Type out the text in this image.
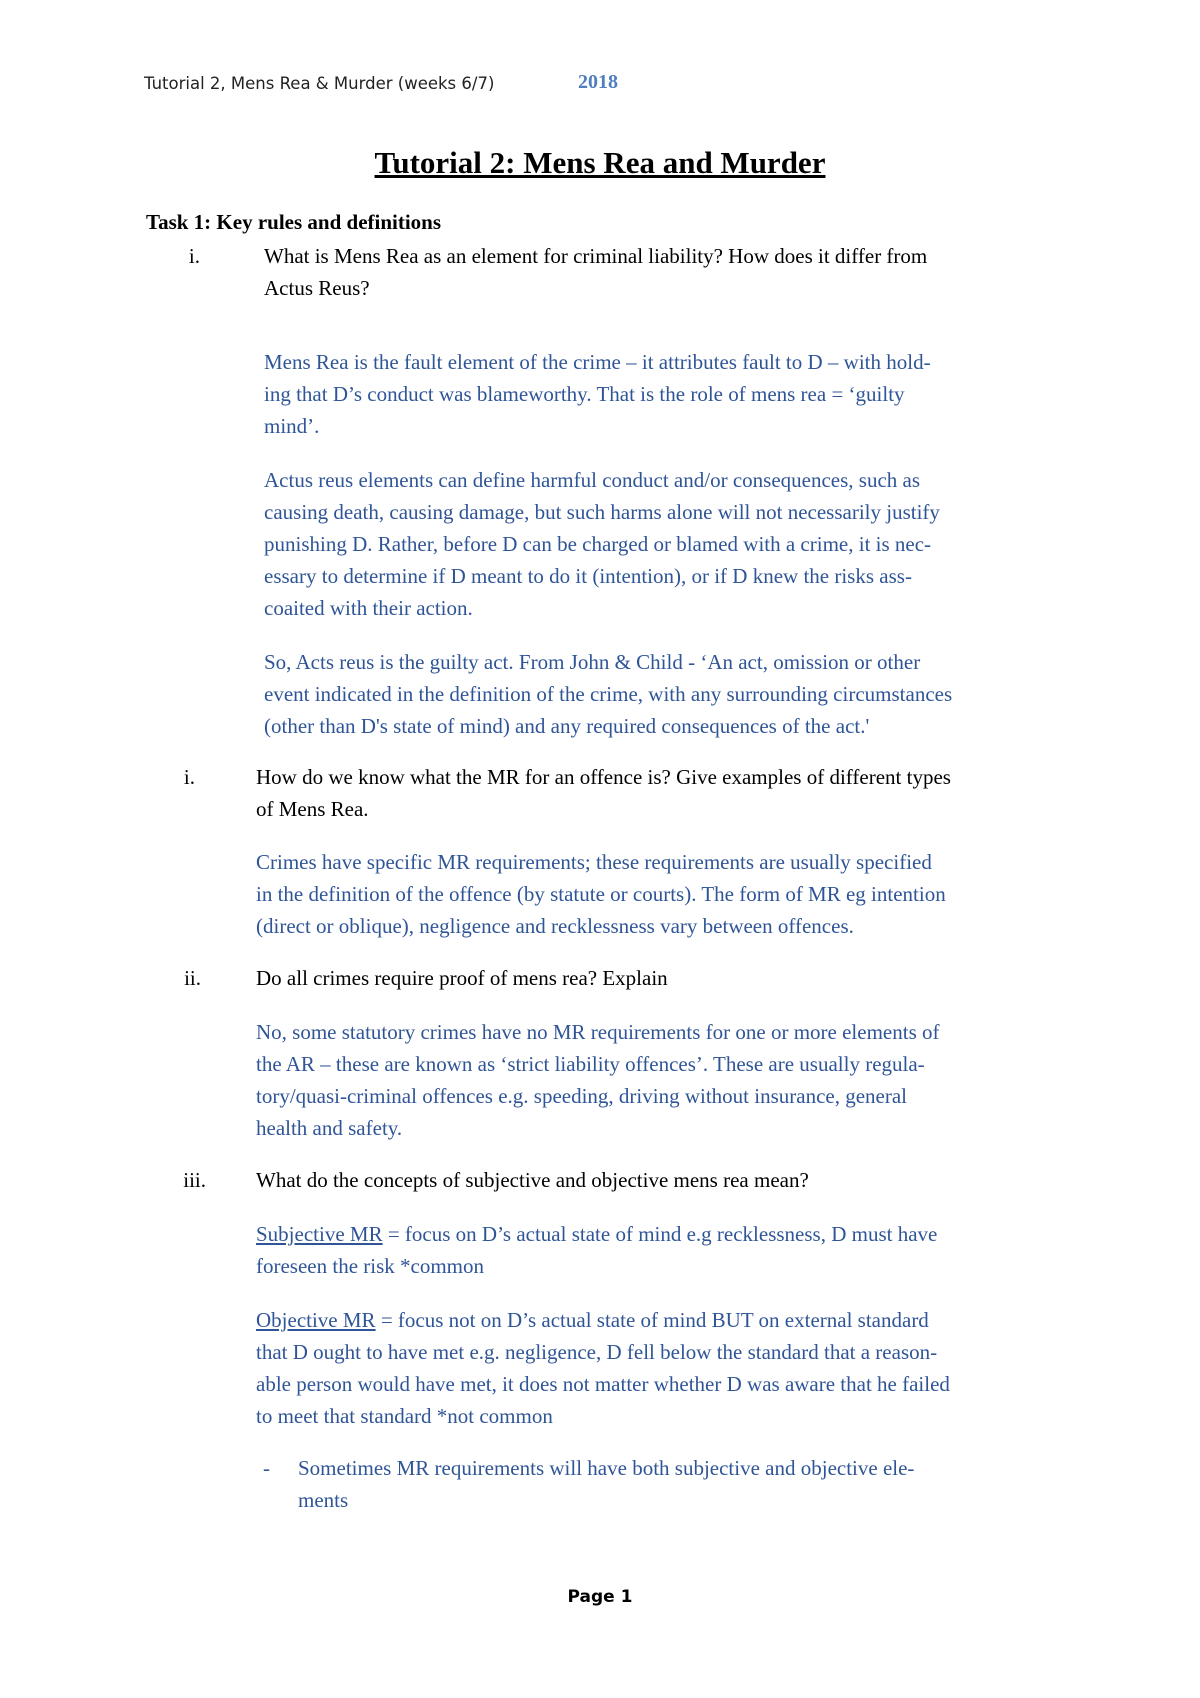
Tutorial 2, Mens Rea & Murder (weeks 6/7)	2018
Tutorial 2: Mens Rea and Murder
Task 1: Key rules and definitions
i.	What is Mens Rea as an element for criminal liability? How does it differ from
Actus Reus?
Mens Rea is the fault element of the crime – it attributes fault to D – with hold-
ing that D’s conduct was blameworthy. That is the role of mens rea = ‘guilty
mind’.
Actus reus elements can define harmful conduct and/or consequences, such as
causing death, causing damage, but such harms alone will not necessarily justify
punishing D. Rather, before D can be charged or blamed with a crime, it is nec-
essary to determine if D meant to do it (intention), or if D knew the risks ass-
coaited with their action.
So, Acts reus is the guilty act. From John & Child - ‘An act, omission or other
event indicated in the definition of the crime, with any surrounding circumstances
(other than D's state of mind) and any required consequences of the act.'
i.	How do we know what the MR for an offence is? Give examples of different types
of Mens Rea.
Crimes have specific MR requirements; these requirements are usually specified
in the definition of the offence (by statute or courts). The form of MR eg intention
(direct or oblique), negligence and recklessness vary between offences.
ii.	Do all crimes require proof of mens rea? Explain
No, some statutory crimes have no MR requirements for one or more elements of
the AR – these are known as ‘strict liability offences’. These are usually regula-
tory/quasi-criminal offences e.g. speeding, driving without insurance, general
health and safety.
iii. What do the concepts of subjective and objective mens rea mean?
Subjective MR = focus on D’s actual state of mind e.g recklessness, D must have
foreseen the risk *common
Objective MR = focus not on D’s actual state of mind BUT on external standard
that D ought to have met e.g. negligence, D fell below the standard that a reason-
able person would have met, it does not matter whether D was aware that he failed
to meet that standard *not common
- Sometimes MR requirements will have both subjective and objective ele-
ments
Page 1
